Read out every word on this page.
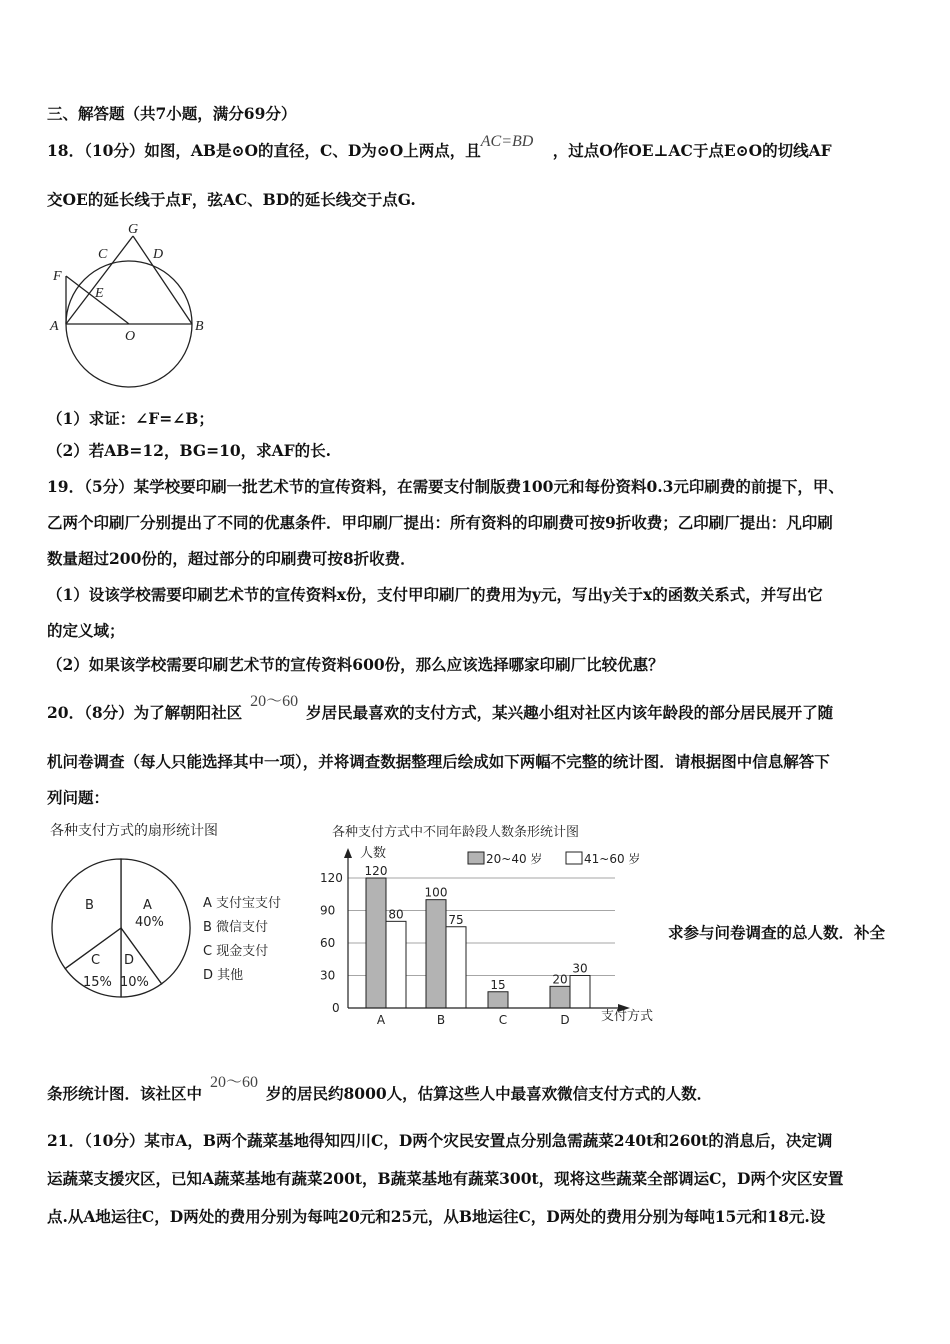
三、解答题（共7小题，满分69分）
18．（10分）如图，AB是⊙O的直径，C、D为⊙O上两点，且AC=BD ，过点O作OE⊥AC于点E⊙O的切线AF
交OE的延长线于点F，弦AC、BD的延长线交于点G.
G
C	D
F
E
A
O
B
（1）求证：∠F=∠B；
（2）若AB=12，BG=10，求AF的长.
19．（5分）某学校要印刷一批艺术节的宣传资料，在需要支付制版费100元和每份资料0.3元印刷费的前提下，甲、
乙两个印刷厂分别提出了不同的优惠条件．甲印刷厂提出：所有资料的印刷费可按9折收费；乙印刷厂提出：凡印刷
数量超过200份的，超过部分的印刷费可按8折收费．
（1）设该学校需要印刷艺术节的宣传资料x份，支付甲印刷厂的费用为y元，写出y关于x的函数关系式，并写出它
的定义域；
（2）如果该学校需要印刷艺术节的宣传资料600份，那么应该选择哪家印刷厂比较优惠？
20．（8分）为了解朝阳社区20～60岁居民最喜欢的支付方式，某兴趣小组对社区内该年龄段的部分居民展开了随
机问卷调查（每人只能选择其中一项），并将调查数据整理后绘成如下两幅不完整的统计图．请根据图中信息解答下
列问题：
各种支付方式的扇形统计图
A
40%
B
C
15%
D
10%
A 支付宝支付
B 微信支付
C 现金支付
D 其他
各种支付方式中不同年龄段人数条形统计图
人数	20~40 岁	41~60 岁
0
30
60
90
120 120
80
A
100
75
B
15
C
20
30
D 支付方式
求参与问卷调查的总人数．补全
条形统计图．该社区中20～60岁的居民约8000人，估算这些人中最喜欢微信支付方式的人数．
21．（10分）某市A，B两个蔬菜基地得知四川C，D两个灾民安置点分别急需蔬菜240t和260t的消息后，决定调
运蔬菜支援灾区，已知A蔬菜基地有蔬菜200t，B蔬菜基地有蔬菜300t，现将这些蔬菜全部调运C，D两个灾区安置
点.从A地运往C，D两处的费用分别为每吨20元和25元，从B地运往C，D两处的费用分别为每吨15元和18元.设
